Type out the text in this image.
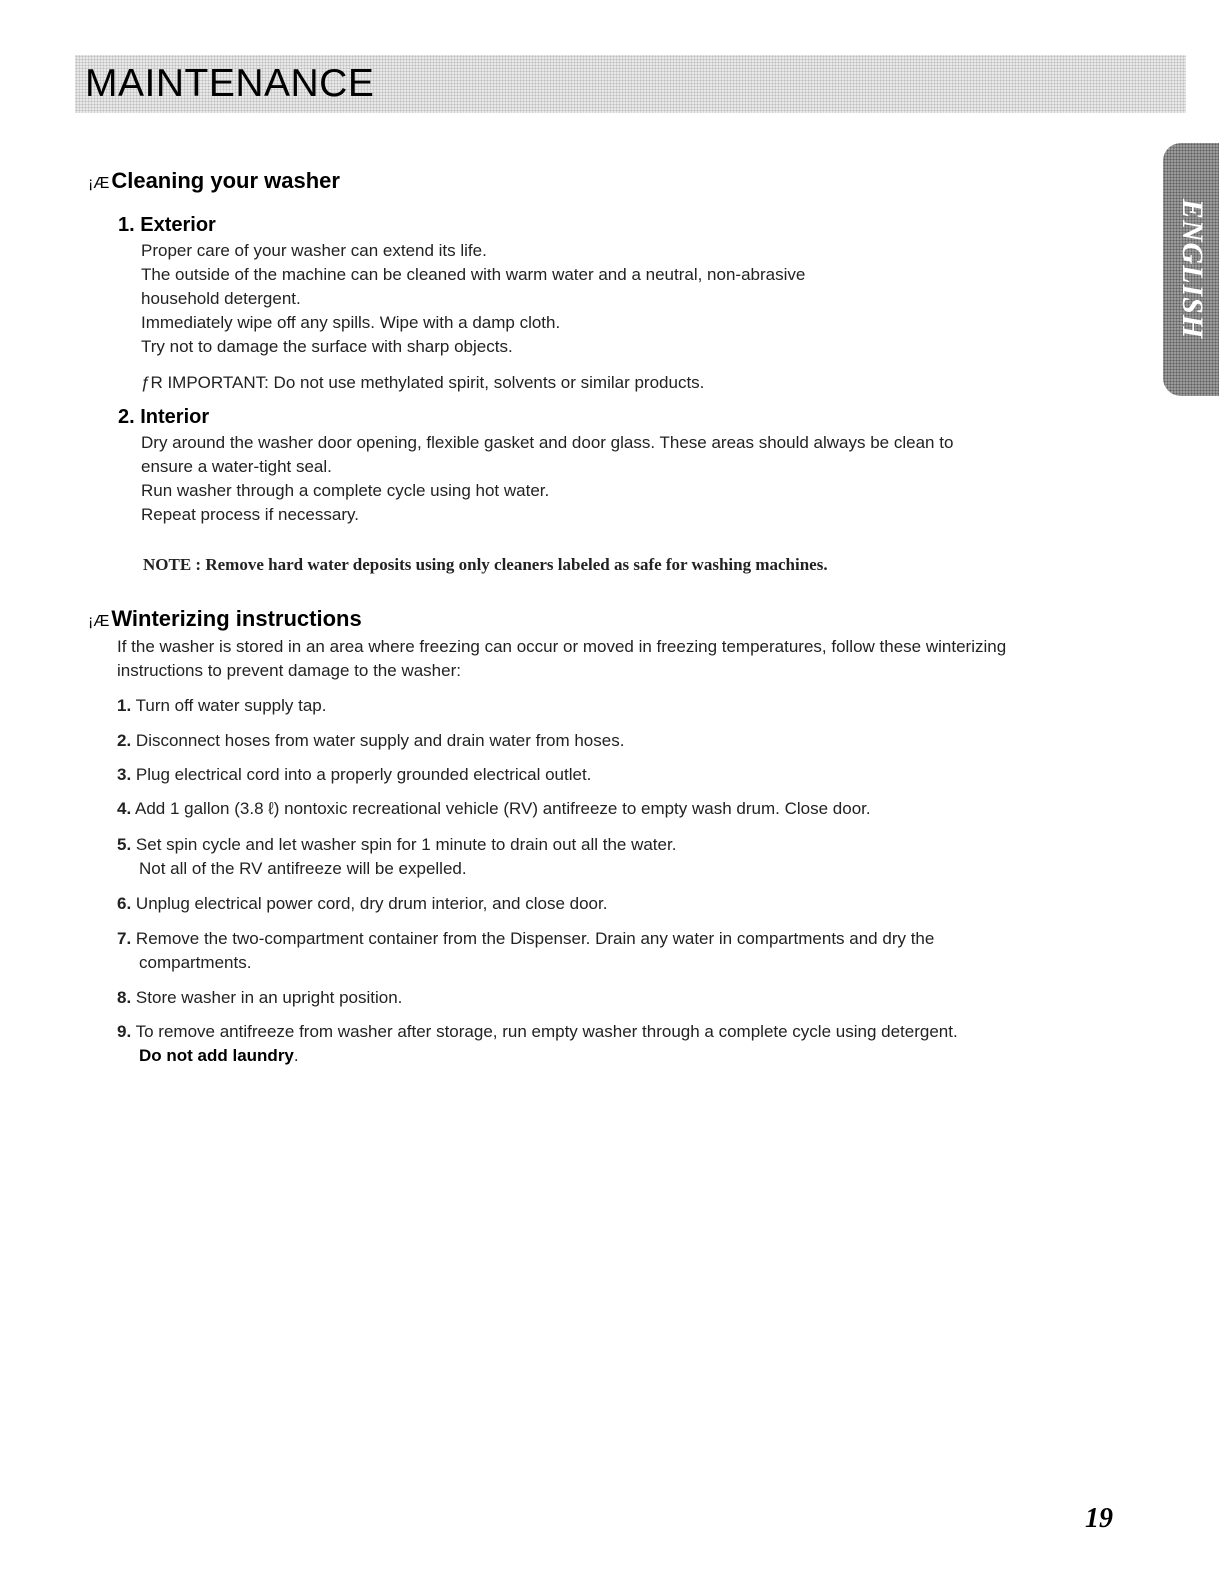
MAINTENANCE
ENGLISH
¡ÆCleaning your washer
1. Exterior
Proper care of your washer can extend its life.
The outside of the machine can be cleaned with warm water and a neutral, non-abrasive
household detergent.
Immediately wipe off any spills. Wipe with a damp cloth.
Try not to damage the surface with sharp objects.

ƒR IMPORTANT: Do not use methylated spirit, solvents or similar products.

2. Interior
Dry around the washer door opening, flexible gasket and door glass. These areas should always be clean to
ensure a water-tight seal.
Run washer through a complete cycle using hot water.
Repeat process if necessary.

NOTE : Remove hard water deposits using only cleaners labeled as safe for washing machines.

¡ÆWinterizing instructions

If the washer is stored in an area where freezing can occur or moved in freezing temperatures, follow these winterizing instructions to prevent damage to the washer:

1. Turn off water supply tap.
2. Disconnect hoses from water supply and drain water from hoses.
3. Plug electrical cord into a properly grounded electrical outlet.
4. Add 1 gallon (3.8 ℓ) nontoxic recreational vehicle (RV) antifreeze to empty wash drum. Close door.
5. Set spin cycle and let washer spin for 1 minute to drain out all the water.
Not all of the RV antifreeze will be expelled.
6. Unplug electrical power cord, dry drum interior, and close door.
7. Remove the two-compartment container from the Dispenser. Drain any water in compartments and dry the
compartments.
8. Store washer in an upright position.
9. To remove antifreeze from washer after storage, run empty washer through a complete cycle using detergent.
Do not add laundry.

19
